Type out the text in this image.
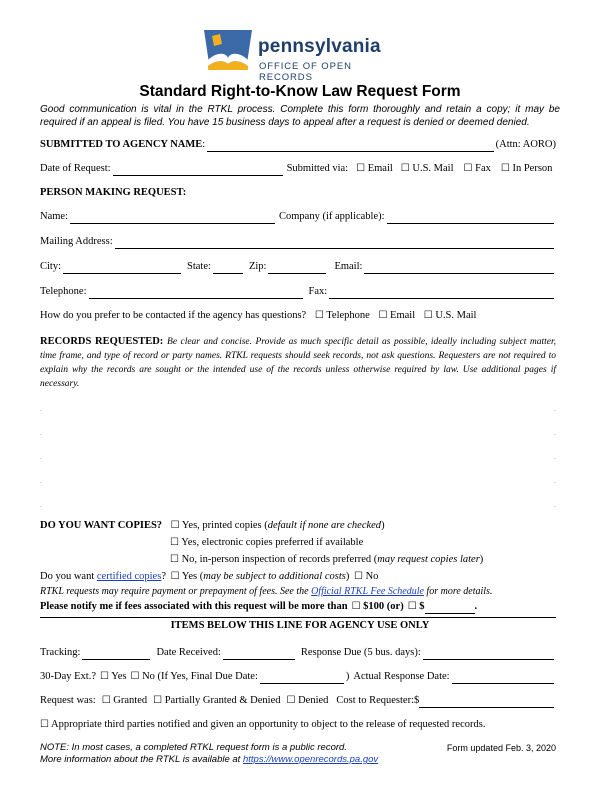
pennsylvania
OFFICE OF OPEN RECORDS
Standard Right-to-Know Law Request Form
Good communication is vital in the RTKL process. Complete this form thoroughly and retain a copy; it may be required if an appeal is filed. You have 15 business days to appeal after a request is denied or deemed denied.
SUBMITTED TO AGENCY NAME :	(Attn: AORO)
Date of Request:	Submitted via: ☐ Email ☐ U.S. Mail ☐ Fax ☐ In Person
PERSON MAKING REQUEST:
Name:	Company (if applicable):
Mailing Address:
City:	State:	Zip:	Email:
Telephone:	Fax:
How do you prefer to be contacted if the agency has questions? ☐ Telephone ☐ Email ☐ U.S. Mail
RECORDS REQUESTED: Be clear and concise. Provide as much specific detail as possible, ideally including subject matter, time frame, and type of record or party names. RTKL requests should seek records, not ask questions. Requesters are not required to explain why the records are sought or the intended use of the records unless otherwise required by law. Use additional pages if necessary.
.	.
.	.
.	.
.	.
.	.
DO YOU WANT COPIES? ☐ Yes, printed copies (default if none are checked)
☐ Yes, electronic copies preferred if available
☐ No, in-person inspection of records preferred (may request copies later)
Do you want certified copies? ☐ Yes (may be subject to additional costs) ☐ No
RTKL requests may require payment or prepayment of fees. See the Official RTKL Fee Schedule for more details.
Please notify me if fees associated with this request will be more than ☐ $100 (or) ☐ $	.
ITEMS BELOW THIS LINE FOR AGENCY USE ONLY
Tracking:	Date Received:	Response Due (5 bus. days):
30-Day Ext.? ☐ Yes ☐ No (If Yes, Final Due Date:	) Actual Response Date:
Request was: ☐ Granted ☐ Partially Granted & Denied ☐ Denied Cost to Requester: $
☐ Appropriate third parties notified and given an opportunity to object to the release of requested records.
NOTE: In most cases, a completed RTKL request form is a public record.	Form updated Feb. 3, 2020
More information about the RTKL is available at https://www.openrecords.pa.gov
